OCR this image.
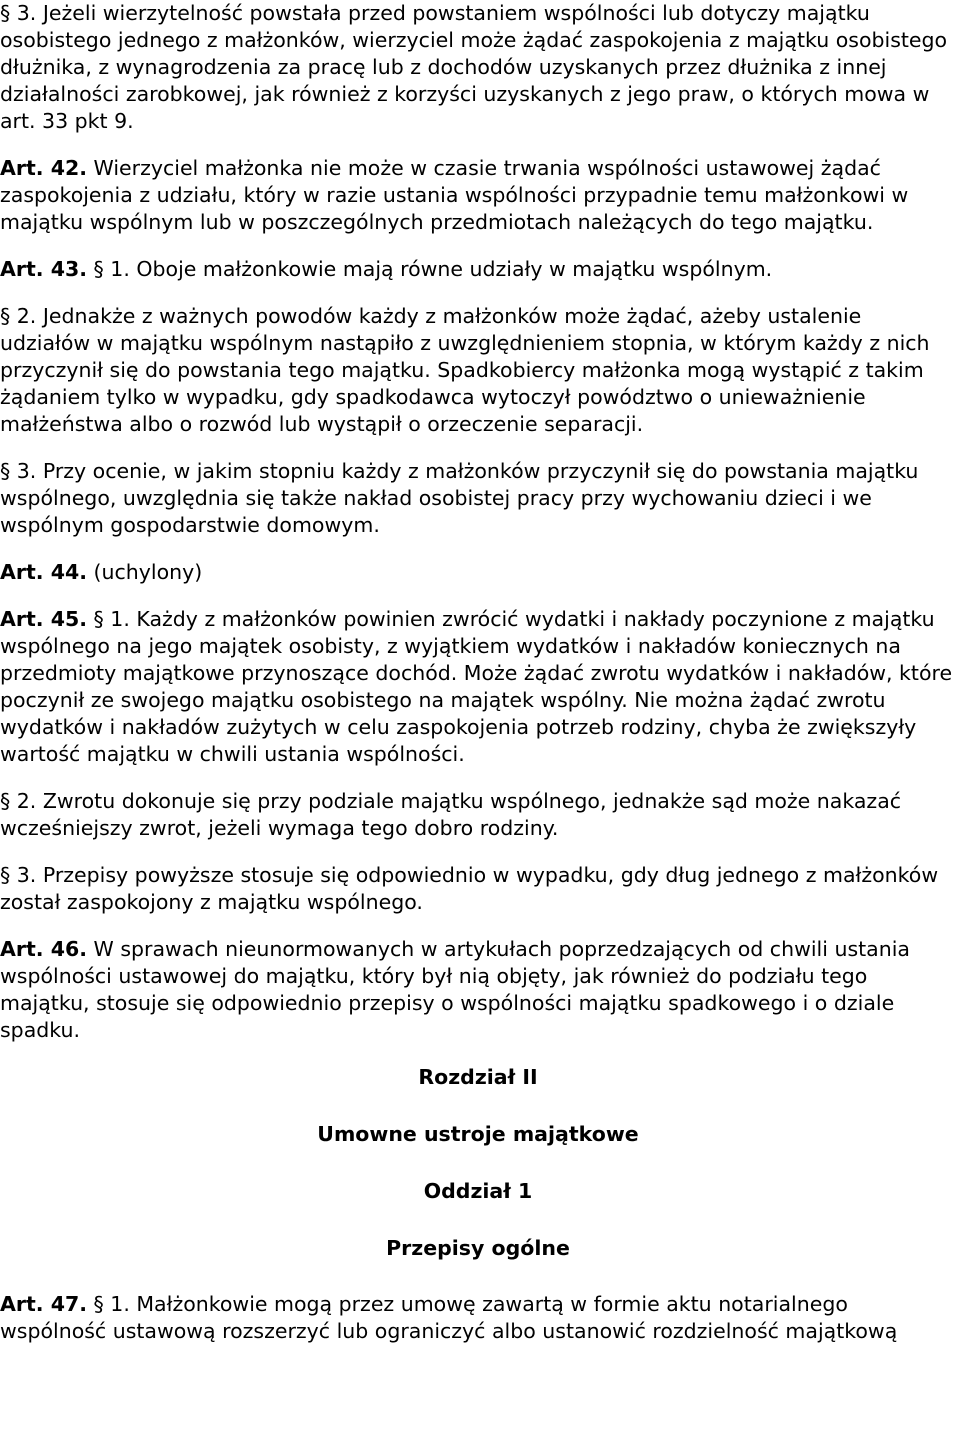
§ 3. Jeżeli wierzytelność powstała przed powstaniem wspólności lub dotyczy majątku osobistego jednego z małżonków, wierzyciel może żądać zaspokojenia z majątku osobistego dłużnika, z wynagrodzenia za pracę lub z dochodów uzyskanych przez dłużnika z innej działalności zarobkowej, jak również z korzyści uzyskanych z jego praw, o których mowa w art. 33 pkt 9.

Art. 42. Wierzyciel małżonka nie może w czasie trwania wspólności ustawowej żądać zaspokojenia z udziału, który w razie ustania wspólności przypadnie temu małżonkowi w majątku wspólnym lub w poszczególnych przedmiotach należących do tego majątku.

Art. 43. § 1. Oboje małżonkowie mają równe udziały w majątku wspólnym.

§ 2. Jednakże z ważnych powodów każdy z małżonków może żądać, ażeby ustalenie udziałów w majątku wspólnym nastąpiło z uwzględnieniem stopnia, w którym każdy z nich przyczynił się do powstania tego majątku. Spadkobiercy małżonka mogą wystąpić z takim żądaniem tylko w wypadku, gdy spadkodawca wytoczył powództwo o unieważnienie małżeństwa albo o rozwód lub wystąpił o orzeczenie separacji.

§ 3. Przy ocenie, w jakim stopniu każdy z małżonków przyczynił się do powstania majątku wspólnego, uwzględnia się także nakład osobistej pracy przy wychowaniu dzieci i we wspólnym gospodarstwie domowym.

Art. 44. (uchylony)

Art. 45. § 1. Każdy z małżonków powinien zwrócić wydatki i nakłady poczynione z majątku wspólnego na jego majątek osobisty, z wyjątkiem wydatków i nakładów koniecznych na przedmioty majątkowe przynoszące dochód. Może żądać zwrotu wydatków i nakładów, które poczynił ze swojego majątku osobistego na majątek wspólny. Nie można żądać zwrotu wydatków i nakładów zużytych w celu zaspokojenia potrzeb rodziny, chyba że zwiększyły wartość majątku w chwili ustania wspólności.

§ 2. Zwrotu dokonuje się przy podziale majątku wspólnego, jednakże sąd może nakazać wcześniejszy zwrot, jeżeli wymaga tego dobro rodziny.

§ 3. Przepisy powyższe stosuje się odpowiednio w wypadku, gdy dług jednego z małżonków został zaspokojony z majątku wspólnego.

Art. 46. W sprawach nieunormowanych w artykułach poprzedzających od chwili ustania wspólności ustawowej do majątku, który był nią objęty, jak również do podziału tego majątku, stosuje się odpowiednio przepisy o wspólności majątku spadkowego i o dziale spadku.

Rozdział II

Umowne ustroje majątkowe

Oddział 1

Przepisy ogólne

Art. 47. § 1. Małżonkowie mogą przez umowę zawartą w formie aktu notarialnego wspólność ustawową rozszerzyć lub ograniczyć albo ustanowić rozdzielność majątkową
